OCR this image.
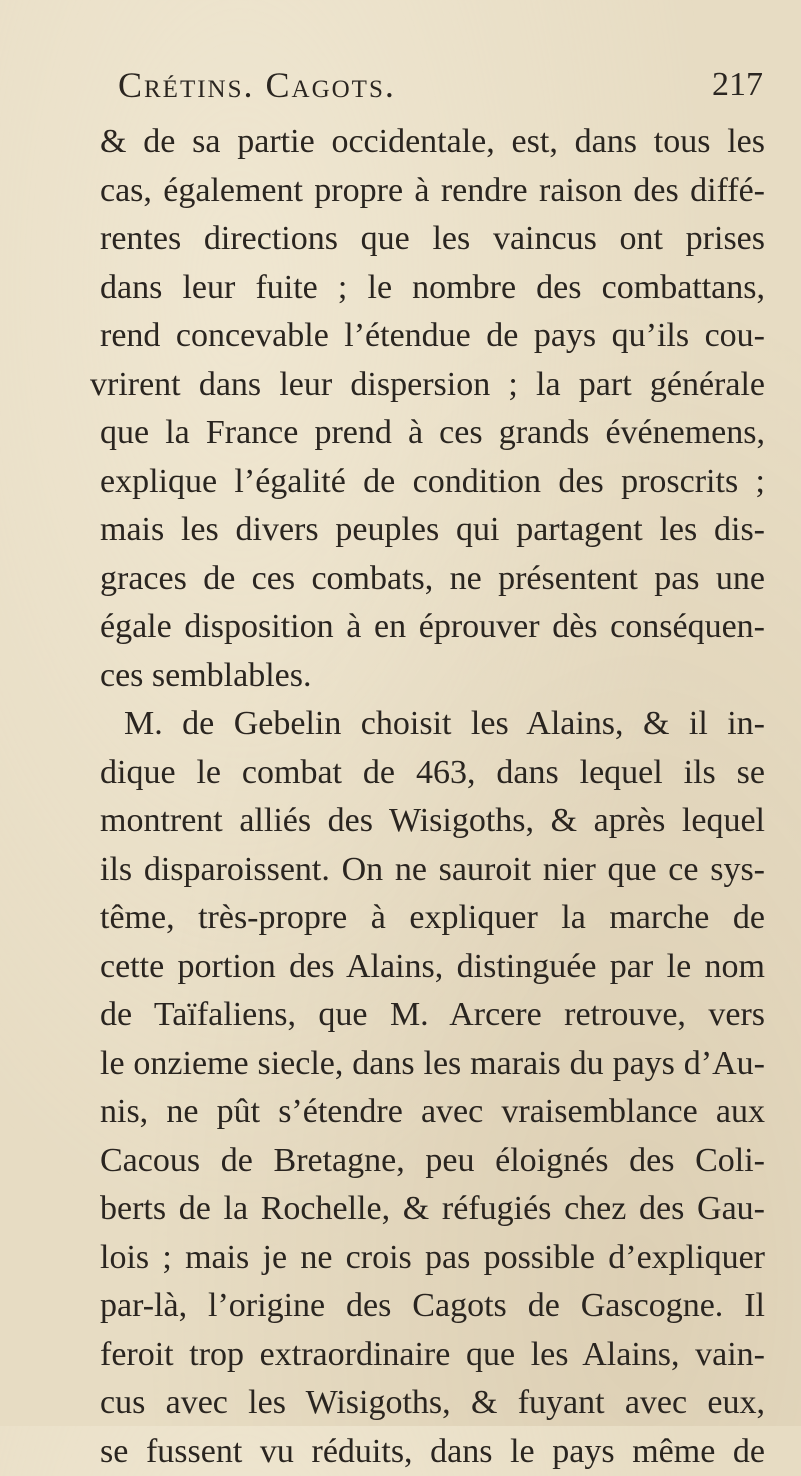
Crétins. Cagots.	217
& de sa partie occidentale, est, dans tous les
cas, également propre à rendre raison des diffé-
rentes directions que les vaincus ont prises
dans leur fuite ; le nombre des combattans,
rend concevable l’étendue de pays qu’ils cou-
vrirent dans leur dispersion ; la part générale
que la France prend à ces grands événemens,
explique l’égalité de condition des proscrits ;
mais les divers peuples qui partagent les dis-
graces de ces combats, ne présentent pas une
égale disposition à en éprouver dès conséquen-
ces semblables.
M. de Gebelin choisit les Alains, & il in-
dique le combat de 463, dans lequel ils se
montrent alliés des Wisigoths, & après lequel
ils disparoissent. On ne sauroit nier que ce sys-
tême, très-propre à expliquer la marche de
cette portion des Alains, distinguée par le nom
de Taïfaliens, que M. Arcere retrouve, vers
le onzieme siecle, dans les marais du pays d’Au-
nis, ne pût s’étendre avec vraisemblance aux
Cacous de Bretagne, peu éloignés des Coli-
berts de la Rochelle, & réfugiés chez des Gau-
lois ; mais je ne crois pas possible d’expliquer
par-là, l’origine des Cagots de Gascogne. Il
feroit trop extraordinaire que les Alains, vain-
cus avec les Wisigoths, & fuyant avec eux,
se fussent vu réduits, dans le pays même de
